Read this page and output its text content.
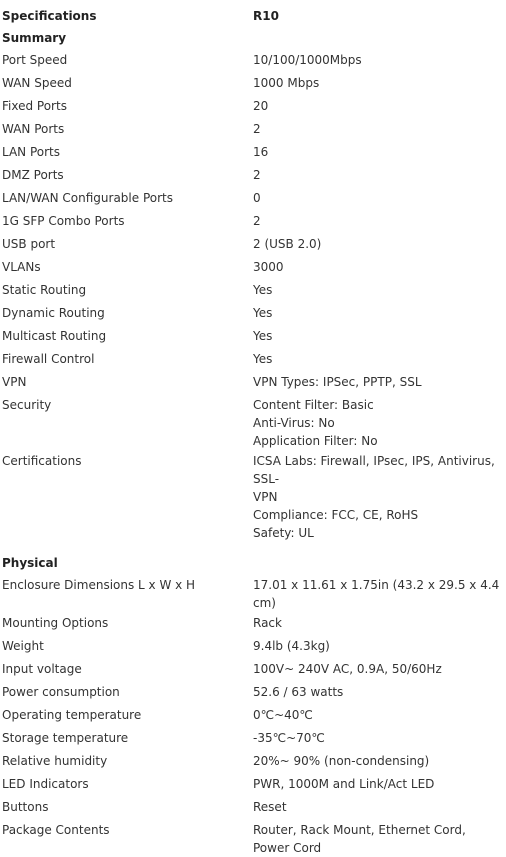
Specifications	R10
Summary
Port Speed	10/100/1000Mbps
WAN Speed	1000 Mbps
Fixed Ports	20
WAN Ports	2
LAN Ports	16
DMZ Ports	2
LAN/WAN Configurable Ports	0
1G SFP Combo Ports	2
USB port	2 (USB 2.0)
VLANs	3000
Static Routing	Yes
Dynamic Routing	Yes
Multicast Routing	Yes
Firewall Control	Yes
VPN	VPN Types: IPSec, PPTP, SSL
Security	Content Filter: Basic
Anti-Virus: No
Application Filter: No
Certifications	ICSA Labs: Firewall, IPsec, IPS, Antivirus, SSL-
VPN
Compliance: FCC, CE, RoHS
Safety: UL
Physical
Enclosure Dimensions L x W x H	17.01 x 11.61 x 1.75in (43.2 x 29.5 x 4.4 cm)
Mounting Options	Rack
Weight	9.4lb (4.3kg)
Input voltage	100V~ 240V AC, 0.9A, 50/60Hz
Power consumption	52.6 / 63 watts
Operating temperature	0℃~40℃
Storage temperature	-35℃~70℃
Relative humidity	20%~ 90% (non-condensing)
LED Indicators	PWR, 1000M and Link/Act LED
Buttons	Reset
Package Contents	Router, Rack Mount, Ethernet Cord, Power Cord
